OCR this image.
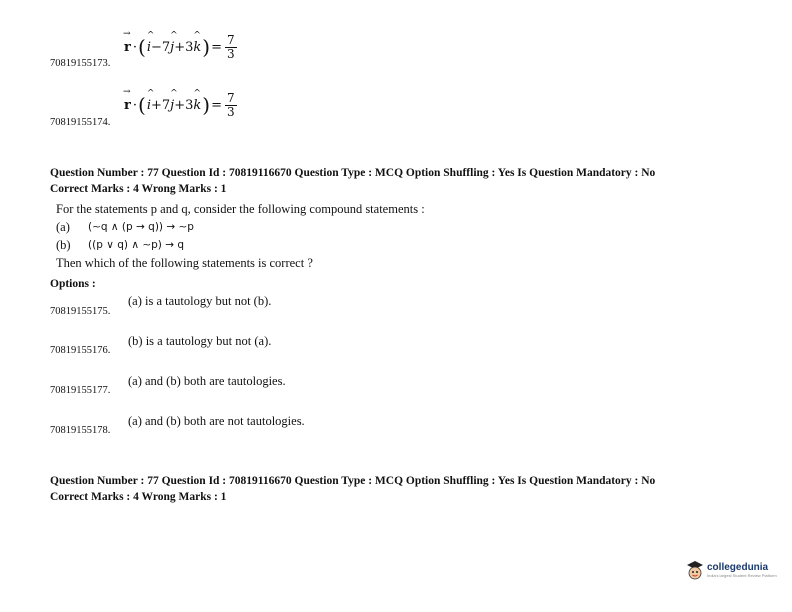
→ r · ( ^ i −7 ^ j +3 ^ k ) = $\frac{7}{3}$
70819155173.
→ r · ( ^ i +7 ^ j +3 ^ k ) = $\frac{7}{3}$
70819155174.
Question Number : 77 Question Id : 70819116670 Question Type : MCQ Option Shuffling : Yes Is Question Mandatory : No
Correct Marks : 4 Wrong Marks : 1
For the statements p and q, consider the following compound statements :
(a)	(∼q ∧ (p → q)) → ∼p
(b)	((p ∨ q) ∧ ∼p) → q
Then which of the following statements is correct ?
Options :
70819155175.
(a) is a tautology but not (b).
70819155176.
(b) is a tautology but not (a).
70819155177.
(a) and (b) both are tautologies.
70819155178.
(a) and (b) both are not tautologies.
Question Number : 77 Question Id : 70819116670 Question Type : MCQ Option Shuffling : Yes Is Question Mandatory : No
Correct Marks : 4 Wrong Marks : 1
collegedunia
India's largest Student Review Platform
